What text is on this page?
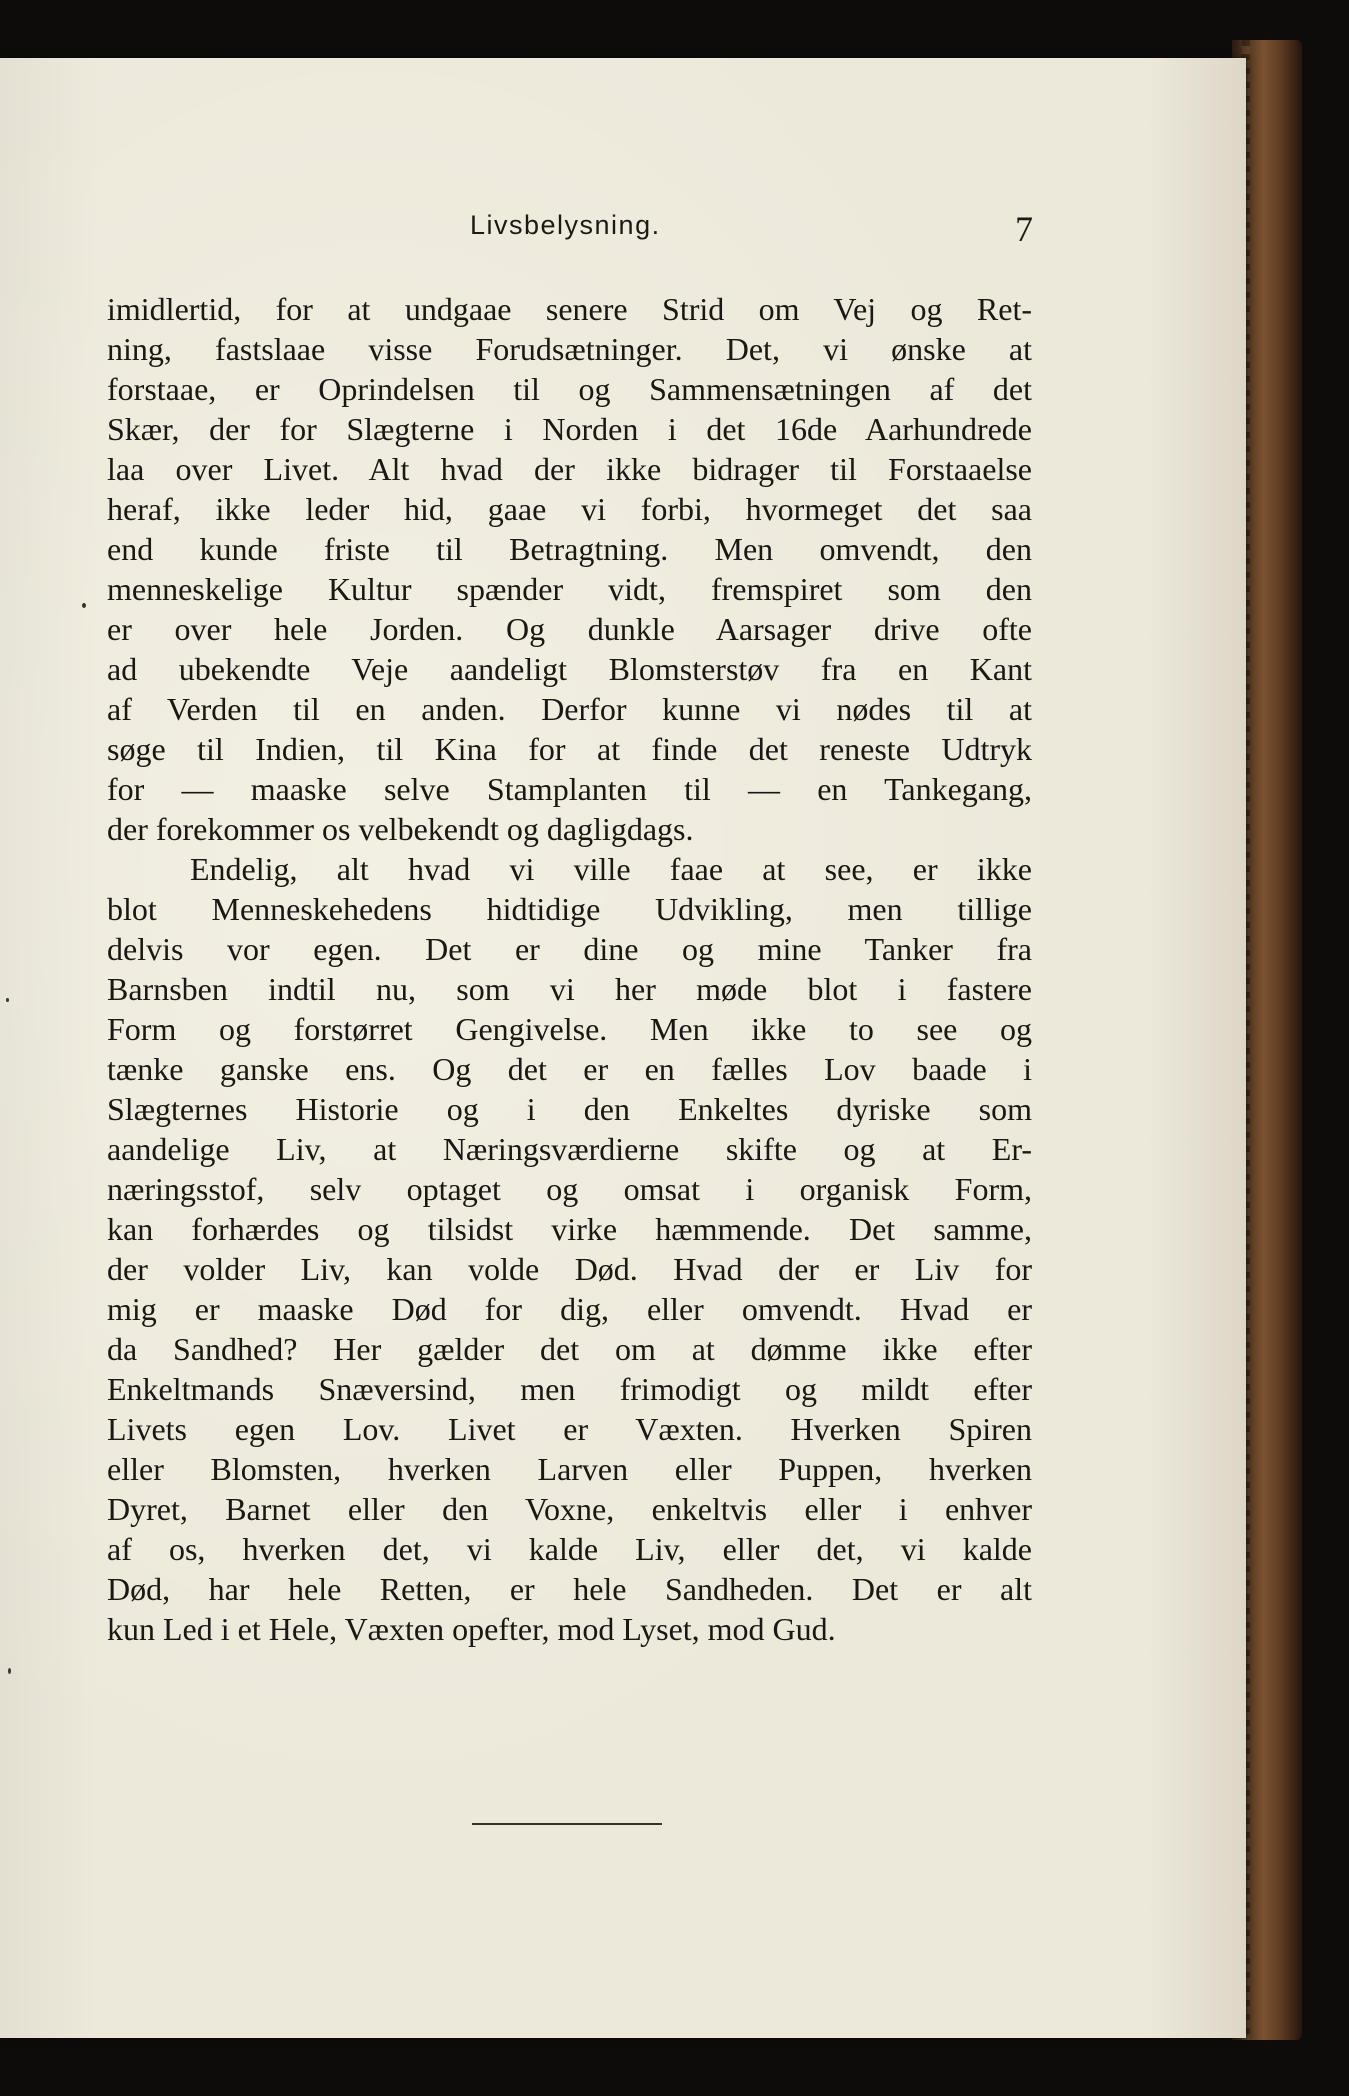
Livsbelysning.	7
imidlertid, for at undgaae senere Strid om Vej og Ret-
ning, fastslaae visse Forudsætninger. Det, vi ønske at
forstaae, er Oprindelsen til og Sammensætningen af det
Skær, der for Slægterne i Norden i det 16de Aarhundrede
laa over Livet. Alt hvad der ikke bidrager til Forstaaelse
heraf, ikke leder hid, gaae vi forbi, hvormeget det saa
end kunde friste til Betragtning. Men omvendt, den
menneskelige Kultur spænder vidt, fremspiret som den
er over hele Jorden. Og dunkle Aarsager drive ofte
ad ubekendte Veje aandeligt Blomsterstøv fra en Kant
af Verden til en anden. Derfor kunne vi nødes til at
søge til Indien, til Kina for at finde det reneste Udtryk
for — maaske selve Stamplanten til — en Tankegang,
der forekommer os velbekendt og dagligdags.
Endelig, alt hvad vi ville faae at see, er ikke
blot Menneskehedens hidtidige Udvikling, men tillige
delvis vor egen. Det er dine og mine Tanker fra
Barnsben indtil nu, som vi her møde blot i fastere
Form og forstørret Gengivelse. Men ikke to see og
tænke ganske ens. Og det er en fælles Lov baade i
Slægternes Historie og i den Enkeltes dyriske som
aandelige Liv, at Næringsværdierne skifte og at Er-
næringsstof, selv optaget og omsat i organisk Form,
kan forhærdes og tilsidst virke hæmmende. Det samme,
der volder Liv, kan volde Død. Hvad der er Liv for
mig er maaske Død for dig, eller omvendt. Hvad er
da Sandhed? Her gælder det om at dømme ikke efter
Enkeltmands Snæversind, men frimodigt og mildt efter
Livets egen Lov. Livet er Væxten. Hverken Spiren
eller Blomsten, hverken Larven eller Puppen, hverken
Dyret, Barnet eller den Voxne, enkeltvis eller i enhver
af os, hverken det, vi kalde Liv, eller det, vi kalde
Død, har hele Retten, er hele Sandheden. Det er alt
kun Led i et Hele, Væxten opefter, mod Lyset, mod Gud.
